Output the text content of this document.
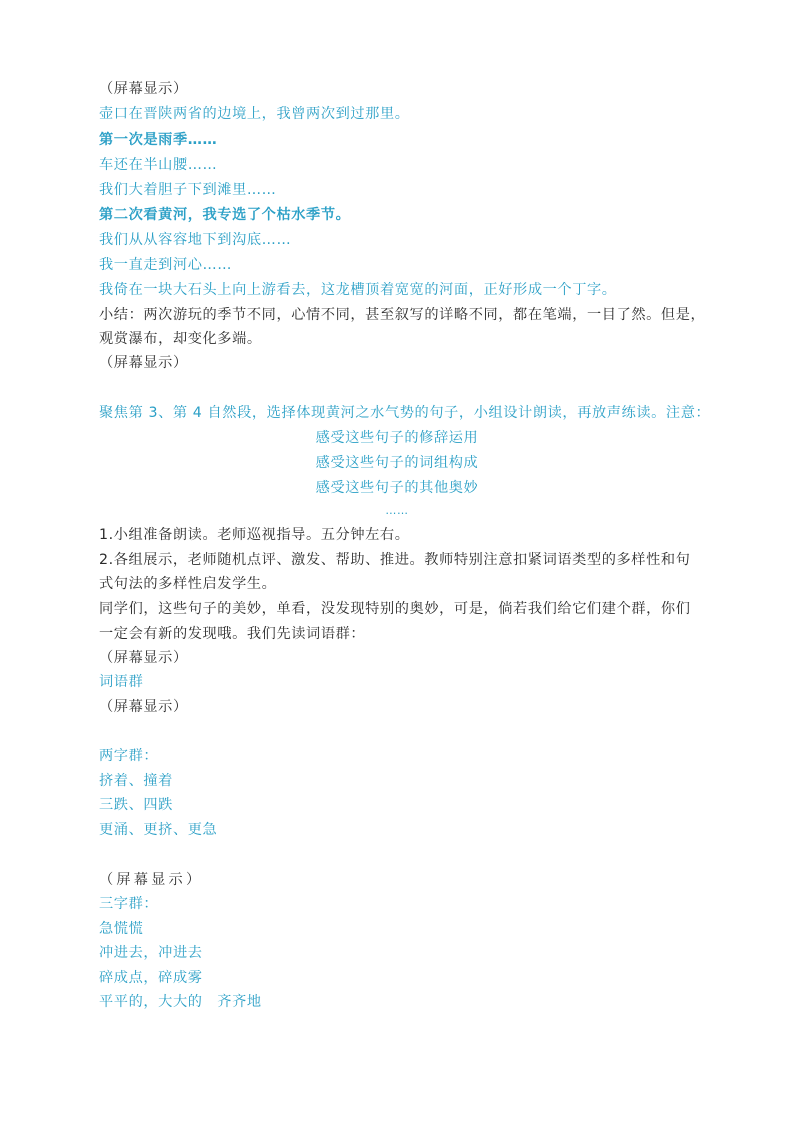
（屏幕显示）
壶口在晋陕两省的边境上，我曾两次到过那里。
第一次是雨季……
车还在半山腰……
我们大着胆子下到滩里……
第二次看黄河，我专选了个枯水季节。
我们从从容容地下到沟底……
我一直走到河心……
我倚在一块大石头上向上游看去，这龙槽顶着宽宽的河面，正好形成一个丁字。
小结：两次游玩的季节不同，心情不同，甚至叙写的详略不同，都在笔端，一目了然。但是，
观赏瀑布，却变化多端。
（屏幕显示）
聚焦第 3、第 4 自然段，选择体现黄河之水气势的句子，小组设计朗读，再放声练读。注意：
感受这些句子的修辞运用
感受这些句子的词组构成
感受这些句子的其他奥妙
……
1.小组准备朗读。老师巡视指导。五分钟左右。
2.各组展示，老师随机点评、激发、帮助、推进。教师特别注意扣紧词语类型的多样性和句
式句法的多样性启发学生。
同学们，这些句子的美妙，单看，没发现特别的奥妙，可是，倘若我们给它们建个群，你们
一定会有新的发现哦。我们先读词语群：
（屏幕显示）
词语群
（屏幕显示）
两字群：
挤着、撞着
三跌、四跌
更涌、更挤、更急
（屏幕显示）
三字群：
急慌慌
冲进去，冲进去
碎成点，碎成雾
平平的，大大的　齐齐地
